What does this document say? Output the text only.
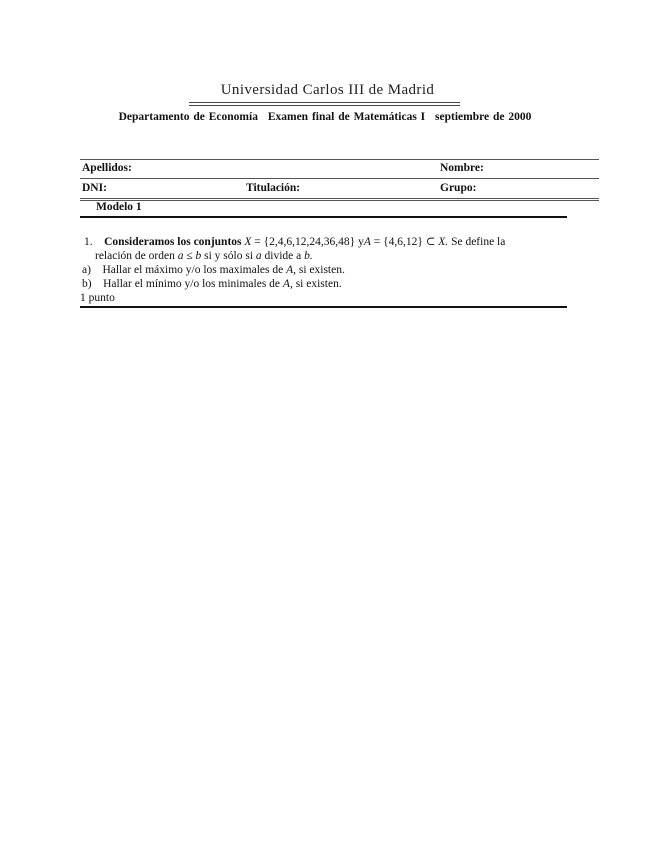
Universidad Carlos III de Madrid
Departamento de Economía Examen final de Matemáticas I septiembre de 2000
Apellidos:	Nombre:
DNI:	Titulación:	Grupo:
Modelo 1
1. Consideramos los conjuntos X = {2,4,6,12,24,36,48} yA = {4,6,12} ⊂ X. Se define la
relación de orden a ≤ b si y sólo si a divide a b.
a) Hallar el máximo y/o los maximales de A, si existen.
b) Hallar el mínimo y/o los minimales de A, si existen.
1 punto
